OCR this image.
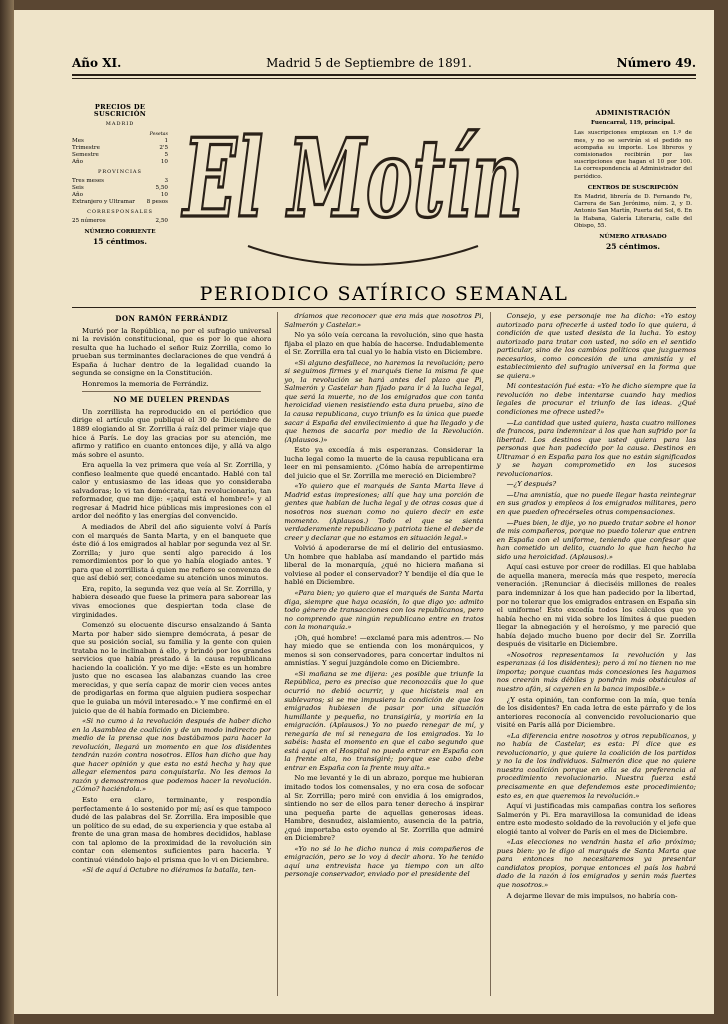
Año XI.	Madrid 5 de Septiembre de 1891.	Número 49.
PRECIOS DE SUSCRICIÓN
MADRID
Pesetas
Mes	1
Trimestre	2'5
Semestre	5
Año	10
PROVINCIAS
Tres meses	3
Seis	5,50
Año	10
Extranjero y Ultramar 8 pesos
CORRESPONSALES
25 números	2,50
NÚMERO CORRIENTE
15 céntimos. El Motín
ADMINISTRACIÓN
Fuencarral, 119, principal.
Las suscripciones empiezan en 1.º de mes, y no se servirán si el pedido no acompaña su importe. Los libreros y comisionados recibirán por las suscripciones que hagan el 10 por 100. La correspondencia al Administrador del periódico.
CENTROS DE SUSCRIPCIÓN
En Madrid, librería de D. Fernando Fe, Carrera de San Jerónimo, núm. 2, y D. Antonio San Martín, Puerta del Sol, 6. En la Habana, Galería Literaria, calle del Obispo, 55.
NÚMERO ATRASADO
25 céntimos.
PERIODICO SATÍRICO SEMANAL
DON RAMÓN FERRÁNDIZ

Murió por la República, no por el sufragio universal ni la revisión constitucional, que es por lo que ahora resulta que ha luchado el señor Ruiz Zorrilla, como lo prueban sus terminantes declaraciones de que vendrá á España á luchar dentro de la legalidad cuando la segunda se consigne en la Constitución.

Honremos la memoria de Ferrándiz.

NO ME DUELEN PRENDAS

Un zorrillista ha reproducido en el periódico que dirige el artículo que publiqué el 30 de Diciembre de 1889 elogiando al Sr. Zorrilla á raíz del primer viaje que hice á París. Le doy las gracias por su atención, me afirmo y ratifico en cuanto entonces dije, y allá va algo más sobre el asunto.

Era aquella la vez primera que veía al Sr. Zorrilla, y confieso lealmente que quedé encantado. Hablé con tal calor y entusiasmo de las ideas que yo consideraba salvadoras; lo vi tan demócrata, tan revolucionario, tan reformador, que me dije: «¡aquí está el hombre!» y al regresar á Madrid hice públicas mis impresiones con el ardor del neófito y las energías del convencido.

A mediados de Abril del año siguiente volví á París con el marqués de Santa Marta, y en el banquete que éste dió á los emigrados al hablar por segunda vez al Sr. Zorrilla; y juro que sentí algo parecido á los remordimientos por lo que yo había elogiado antes. Y para que el zorrillista á quien me refiero se convenza de que así debió ser, concedame su atención unos minutos.

Era, repito, la segunda vez que veía al Sr. Zorrilla, y habiera deseado que fuese la primera para saborear las vivas emociones que despiertan toda clase de virginidades.

Comenzó su elocuente discurso ensalzando á Santa Marta por haber sido siempre demócrata, á pesar de que su posición social, su familia y la gente con quien trataba no le inclinaban á ello, y brindó por los grandes servicios que había prestado á la causa republicana haciendo la coalición. Y yo me dije: «Este es un hombre justo que no escasea las alabanzas cuando las cree merecidas, y que sería capaz de morir cien veces antes de prodigarlas en forma que alguien pudiera sospechar que le guiaba un móvil interesado.» Y me confirmé en el juicio que de él había formado en Diciembre.

«Si no cumo á la revolución después de haber dicho en la Asamblea de coalición y de un modo indirecto por medio de la prensa que nos bastábamos para hacer la revolución, llegará un momento en que los disidentes tendrán razón contra nosotros. Ellos han dicho que hay que hacer opinión y que esta no está hecha y hay que allegar elementos para conquistarla. No les demos la razón y demostremos que podemos hacer la revolución. ¿Cómo? haciéndola.»

Esto era claro, terminante, y respondía perfectamente á lo sostenido por mí; así es que tampoco dudé de las palabras del Sr. Zorrilla. Era imposible que un político de su edad, de su experiencia y que estaba al frente de una gran masa de hombres decididos, hablase con tal aplomo de la proximidad de la revolución sin contar con elementos suficientes para hacerla. Y continué viéndolo bajo el prisma que lo vi en Diciembre.

«Si de aquí á Octubre no diéramos la batalla, ten-

dríamos que reconocer que era más que nosotros Pi, Salmerón y Castelar.»

No ya sólo veía cercana la revolución, sino que hasta fijaba el plazo en que había de hacerse. Indudablemente el Sr. Zorrilla era tal cual yo le había visto en Diciembre.

«Si alguno desfallece, no haremos la revolución; pero si seguimos firmes y el marqués tiene la misma fe que yo, la revolución se hará antes del plazo que Pi, Salmerón y Castelar han fijado para ir á la lucha legal, que será la muerte, no de los emigrados que con tanta heroicidad vienen resistiendo esta dura prueba, sino de la causa republicana, cuyo triunfo es la única que puede sacar á España del envilecimiento á que ha llegado y de que hemos de sacarla por medio de la Revolución. (Aplausos.)»

Esto ya excedía á mis esperanzas. Considerar la lucha legal como la muerte de la causa republicana era leer en mi pensamiento. ¿Cómo había de arrepentirme del juicio que el Sr. Zorrilla me mereció en Diciembre?

«Yo quiero que el marqués de Santa Marta lleve á Madrid estas impresiones; allí que hay una porción de gentes que hablan de lucha legal y de otras cosas que á nosotros nos suenan como no quiero decir en este momento. (Aplausos.) Todo el que se sienta verdaderamente republicano y patriota tiene el deber de creer y declarar que no estamos en situación legal.»

Volvió á apoderarse de mí el delirio del entusiasmo. Un hombre que hablaba así mandando el partido más liberal de la monarquía, ¿qué no hiciera mañana si volviese al poder el conservador? Y bendije el día que le hablé en Diciembre.

«Para bien; yo quiero que el marqués de Santa Marta diga, siempre que haya ocasión, lo que digo yo: admito todo género de transacciones con los republicanos, pero no comprendo que ningún republicano entre en tratos con la monarquía.»

¡Oh, qué hombre! —exclamé para mis adentros.— No hay miedo que se entienda con los monárquicos, y menos si son conservadores, para concertar indultos ni amnistías. Y seguí juzgándole como en Diciembre.

«Si mañana se me dijera: ¿es posible que triunfe la República, pero es preciso que reconozcáis que lo que ocurrió no debió ocurrir, y que hicisteis mal en sublevaros; si se me impusiera la condición de que los emigrados hubiesen de pasar por una situación humillante y pequeña, no transigiría, y moriría en la emigración. (Aplausos.) Yo no puedo renegar de mí, y renegaría de mí si renegara de los emigrados. Ya lo sabéis: hasta el momento en que el cabo segundo que está aquí en el Hospital no pueda entrar en España con la frente alta, no transigiré; porque ese cabo debe entrar en España con la frente muy alta.»

No me levanté y le di un abrazo, porque me hubieran imitado todos los comensales, y no era cosa de sofocar al Sr. Zorrilla; pero miré con envidia á los emigrados, sintiendo no ser de ellos para tener derecho á inspirar una pequeña parte de aquellas generosas ideas. Hambre, desnudez, aislamiento, ausencia de la patria, ¿qué importaba esto oyendo al Sr. Zorrilla que admiré en Diciembre?

«Yo no sé lo he dicho nunca á mis compañeros de emigración, pero se lo voy á decir ahora. Yo he tenido aquí una entrevista hace ya tiempo con un alto personaje conservador, enviado por el presidente del

Consejo, y ese personaje me ha dicho: «Yo estoy autorizado para ofrecerle á usted todo lo que quiera, á condición de que usted desista de la lucha. Yo estoy autorizado para tratar con usted, no sólo en el sentido particular, sino de los cambios políticos que juzguemos necesarios, como concesión de una amnistía y el establecimiento del sufragio universal en la forma que se quiera.»

Mi contestación fué esta: «Yo he dicho siempre que la revolución no debe intentarse cuando hay medios legales de procurar el triunfo de las ideas. ¿Qué condiciones me ofrece usted?»

—La cantidad que usted quiera, hasta cuatro millones de francos, para indemnizar á los que han sufrido por la libertad. Los destinos que usted quiera para las personas que han padecido por la causa. Destinos en Ultramar ó en España para los que no están significados y se hayan comprometido en los sucesos revolucionarios.

—¿Y después?

—Una amnistía, que no puede llegar hasta reintegrar en sus grados y empleos á los emigrados militares, pero en que pueden ofrecérseles otras compensaciones.

—Pues bien, le dije, yo no puedo tratar sobre el honor de mis compañeros, porque no puedo tolerar que entren en España con el uniforme, teniendo que confesar que han cometido un delito, cuando lo que han hecho ha sido una heroicidad. (Aplausos).»

Aquí casi estuve por creer de rodillas. El que hablaba de aquella manera, merecía más que respeto, merecía veneración. ¡Renunciar á dieciséis millones de reales para indemnizar á los que han padecido por la libertad, por no tolerar que los emigrados entrasen en España sin el uniforme! Esto excedía todos los cálculos que yo había hecho en mi vida sobre los límites á que pueden llegar la abnegación y el heroísmo, y me pareció que había dejado mucho bueno por decir del Sr. Zorrilla después de visitarle en Diciembre.

«Nosotros representamos la revolución y las esperanzas (á los disidentes); pero á mí no tienen no me importa; porque cuantas más concesiones les hagamos nos creerán más débiles y pondrán más obstáculos al nuestro afán, si cayeren en la banca imposible.»

¿Y esta opinión, tan conforme con la mía, que tenía de los disidentes? En cada letra de este párrafo y de los anteriores reconocía al convencido revolucionario que visité en París allá por Diciembre.

«La diferencia entre nosotros y otros republicanos, y no había de Castelar, es esta: Pí dice que es revolucionario, y que quiere la coalición de los partidos y no la de los individuos. Salmerón dice que no quiere nuestra coalición porque en ella se da preferencia al procedimiento revolucionario. Nuestra fuerza está precisamente en que defendemos este procedimiento; esto es, en que queremos la revolución.»

Aquí vi justificadas mis campañas contra los señores Salmerón y Pi. Era maravillosa la comunidad de ideas entre este modesto soldado de la revolución y el jefe que elogié tanto al volver de París en el mes de Diciembre.

«Las elecciones no vendrán hasta el año próximo; pues bien: yo le digo al marqués de Santa Marta que para entonces no necesitaremos ya presentar candidatos propios, porque entonces el país los habrá dado de la razón á los emigrados y serán más fuertes que nosotros.»

A dejarme llevar de mis impulsos, no habría con-
